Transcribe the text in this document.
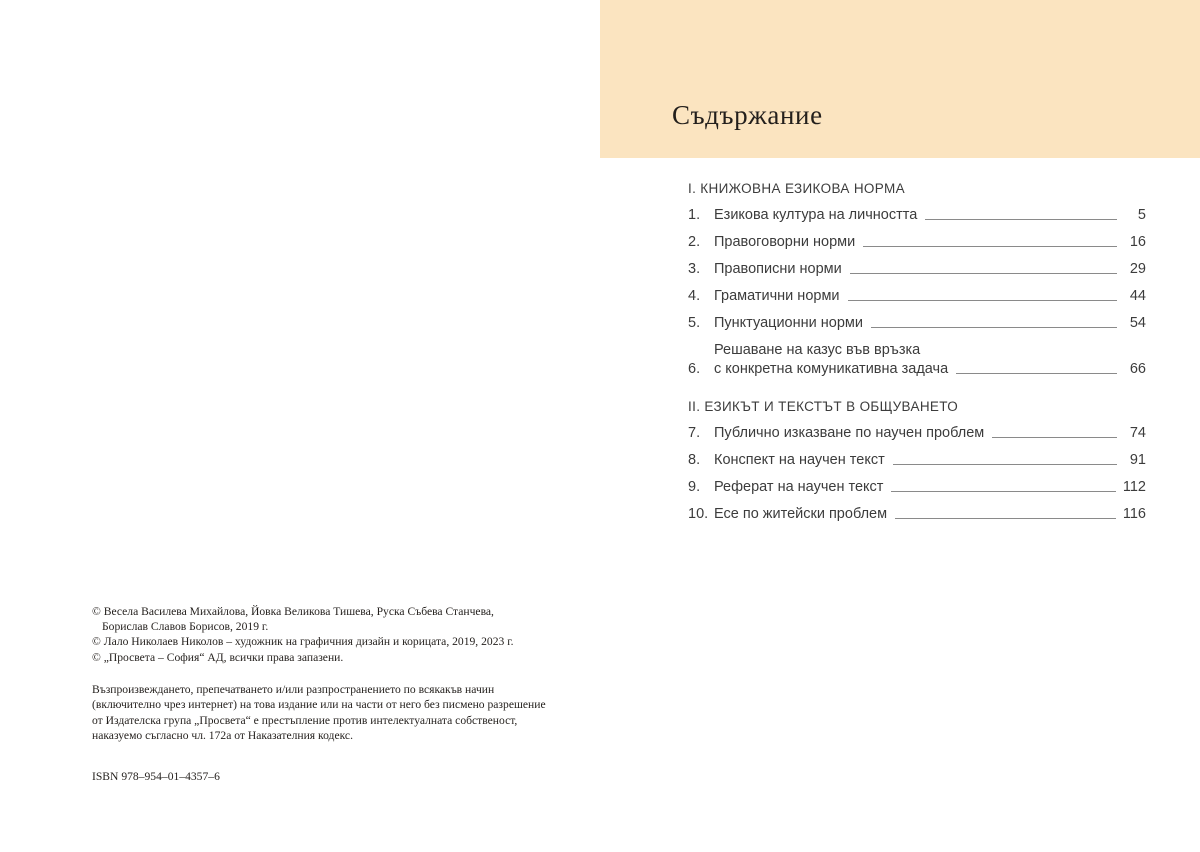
© Весела Василева Михайлова, Йовка Великова Тишева, Руска Събева Станчева,
Борислав Славов Борисов, 2019 г.
© Лало Николаев Николов – художник на графичния дизайн и корицата, 2019, 2023 г.
© „Просвета – София“ АД, всички права запазени.
Възпроизвеждането, препечатването и/или разпространението по всякакъв начин
(включително чрез интернет) на това издание или на части от него без писмено разрешение
от Издателска група „Просвета“ е престъпление против интелектуалната собственост,
наказуемо съгласно чл. 172а от Наказателния кодекс.
ISBN 978–954–01–4357–6
Съдържание
I. КНИЖОВНА ЕЗИКОВА НОРМА
1. Езикова култура на личността	5
2. Правоговорни норми	16
3. Правописни норми	29
4. Граматични норми	44
5. Пунктуационни норми	54
6.
Решаване на казус във връзка
с конкретна комуникативна задача	66
II. ЕЗИКЪТ И ТЕКСТЪТ В ОБЩУВАНЕТО
7. Публично изказване по научен проблем	74
8. Конспект на научен текст	91
9. Реферат на научен текст	112
10. Есе по житейски проблем	116
